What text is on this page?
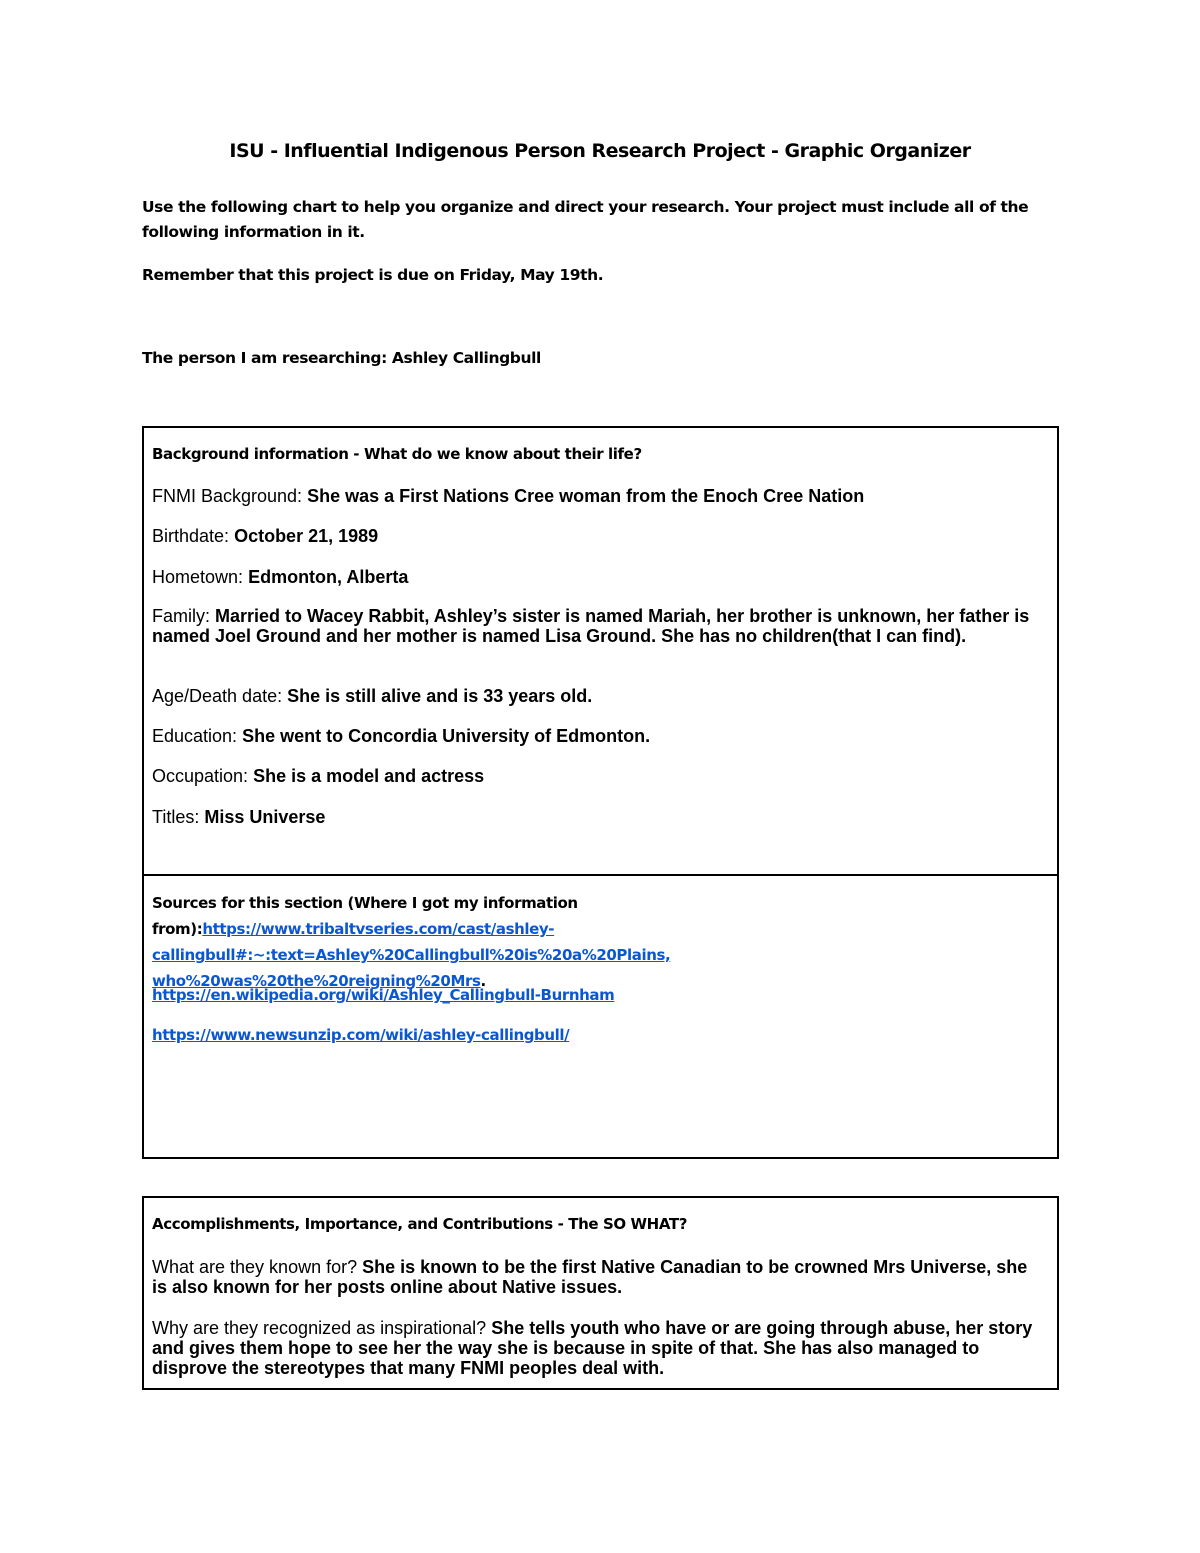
ISU - Influential Indigenous Person Research Project - Graphic Organizer
Use the following chart to help you organize and direct your research. Your project must include all of the following information in it.
Remember that this project is due on Friday, May 19th.
The person I am researching: Ashley Callingbull
Background information - What do we know about their life?
FNMI Background: She was a First Nations Cree woman from the Enoch Cree Nation
Birthdate: October 21, 1989
Hometown: Edmonton, Alberta
Family: Married to Wacey Rabbit, Ashley’s sister is named Mariah, her brother is unknown, her father is named Joel Ground and her mother is named Lisa Ground. She has no children(that I can find).
Age/Death date: She is still alive and is 33 years old.
Education: She went to Concordia University of Edmonton.
Occupation: She is a model and actress
Titles: Miss Universe
Sources for this section (Where I got my information
from):https://www.tribaltvseries.com/cast/ashley-callingbull#:~:text=Ashley%20Callingbull%20is%20a%20Plains,
who%20was%20the%20reigning%20Mrs.
https://en.wikipedia.org/wiki/Ashley_Callingbull-Burnham
https://www.newsunzip.com/wiki/ashley-callingbull/
Accomplishments, Importance, and Contributions - The SO WHAT?
What are they known for? She is known to be the first Native Canadian to be crowned Mrs Universe, she is also known for her posts online about Native issues.
Why are they recognized as inspirational? She tells youth who have or are going through abuse, her story and gives them hope to see her the way she is because in spite of that. She has also managed to disprove the stereotypes that many FNMI peoples deal with.
